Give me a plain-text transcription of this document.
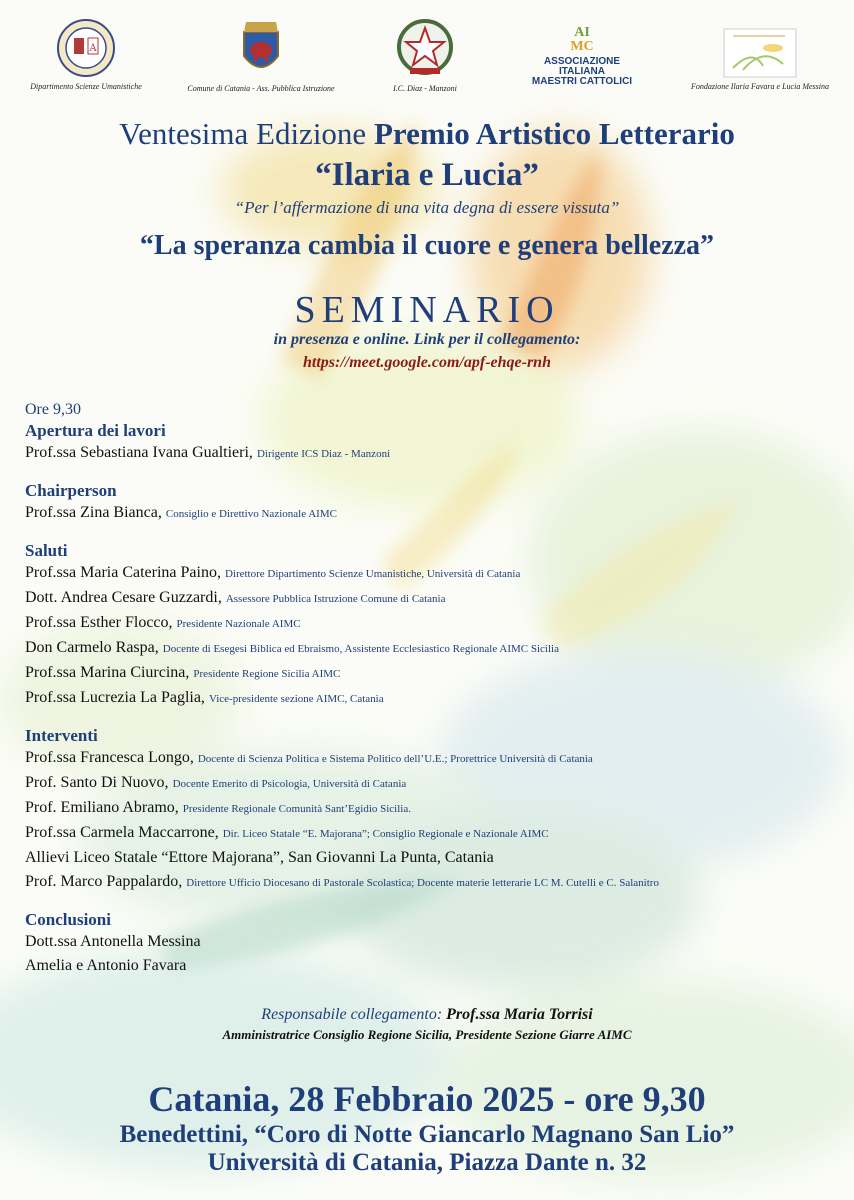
A
Dipartimento Scienze Umanistiche	Comune di Catania - Ass. Pubblica Istruzione	I.C. Diaz - Manzoni
AI
MC
ASSOCIAZIONE
ITALIANA
MAESTRI CATTOLICI	Fondazione Ilaria Favara e Lucia Messina
Ventesima Edizione Premio Artistico Letterario
“Ilaria e Lucia”
“Per l’affermazione di una vita degna di essere vissuta”
“La speranza cambia il cuore e genera bellezza”
SEMINARIO
in presenza e online. Link per il collegamento:
https://meet.google.com/apf-ehqe-rnh
Ore 9,30
Apertura dei lavori
Prof.ssa Sebastiana Ivana Gualtieri, Dirigente ICS Diaz - Manzoni
Chairperson
Prof.ssa Zina Bianca, Consiglio e Direttivo Nazionale AIMC
Saluti
Prof.ssa Maria Caterina Paino, Direttore Dipartimento Scienze Umanistiche, Università di Catania
Dott. Andrea Cesare Guzzardi, Assessore Pubblica Istruzione Comune di Catania
Prof.ssa Esther Flocco, Presidente Nazionale AIMC
Don Carmelo Raspa, Docente di Esegesi Biblica ed Ebraismo, Assistente Ecclesiastico Regionale AIMC Sicilia
Prof.ssa Marina Ciurcina, Presidente Regione Sicilia AIMC
Prof.ssa Lucrezia La Paglia, Vice-presidente sezione AIMC, Catania
Interventi
Prof.ssa Francesca Longo, Docente di Scienza Politica e Sistema Politico dell’U.E.; Prorettrice Università di Catania
Prof. Santo Di Nuovo, Docente Emerito di Psicologia, Università di Catania
Prof. Emiliano Abramo, Presidente Regionale Comunità Sant’Egidio Sicilia.
Prof.ssa Carmela Maccarrone, Dir. Liceo Statale “E. Majorana”; Consiglio Regionale e Nazionale AIMC
Allievi Liceo Statale “Ettore Majorana”, San Giovanni La Punta, Catania
Prof. Marco Pappalardo, Direttore Ufficio Diocesano di Pastorale Scolastica; Docente materie letterarie LC M. Cutelli e C. Salanitro
Conclusioni
Dott.ssa Antonella Messina
Amelia e Antonio Favara
Responsabile collegamento: Prof.ssa Maria Torrisi
Amministratrice Consiglio Regione Sicilia, Presidente Sezione Giarre AIMC
Catania, 28 Febbraio 2025 - ore 9,30
Benedettini, “Coro di Notte Giancarlo Magnano San Lio”
Università di Catania, Piazza Dante n. 32
